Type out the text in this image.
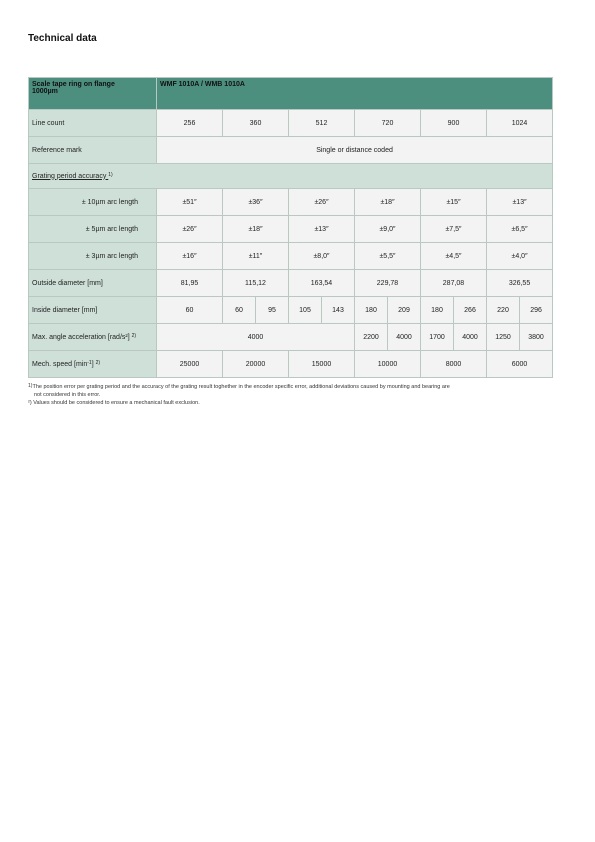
Technical data
Scale tape ring on flange
1000µm	WMF 1010A / WMB 1010A										
Line count	256	360		512		720		900		1024	
Reference mark	Single or distance coded										
Grating period accuracy $^{1)}$
± 10µm arc length	±51″	±36″		±26″		±18″		±15″		±13″	
± 5µm arc length	±26″	±18″		±13″		±9,0″		±7,5″		±6,5″	
± 3µm arc length	±16″	±11″		±8,0″		±5,5″		±4,5″		±4,0″	
Outside diameter [mm]	81,95	115,12		163,54		229,78		287,08		326,55	
Inside diameter [mm]	60	60	95	105	143	180	209	180	266	220	296
Max. angle acceleration [rad/s²] $^{2)}$	4000					2200	4000	1700	4000	1250	3800
Mech. speed $[\min^{-1}]$ $^{2)}$	25000	20000		15000		10000		8000		6000	
$^{1)}$The position error per grating period and the accuracy of the grating result toghether in the encoder specific error, additional deviations caused by mounting and bearing are
not considered in this error.
²) Values should be considered to ensure a mechanical fault exclusion.
